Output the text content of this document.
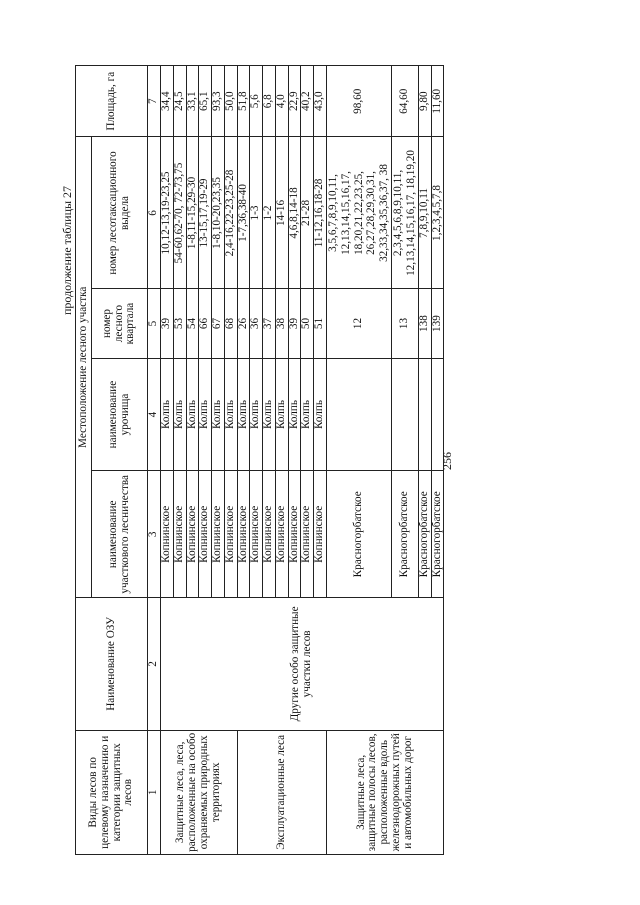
256
продолжение таблицы 27
Виды лесов по целевому назначению и категории защитных лесов	Наименование ОЗУ	Местоположение лесного участка				Площадь, га
		наименование участкового лесничества	наименование урочища	номер лесного квартала	номер лесотаксационного выдела	
1	2	3	4	5	6	7
Защитные леса, леса, расположенные на особо охраняемых природных территориях	Другие особо защитные участки лесов	Копнинское	Колпь	39	10,12-13,19-23,25	34,4
		Копнинское	Колпь	53	54-60,62-70, 72-73,75	24,5
		Копнинское	Колпь	54	1-8,11-15,29-30	33,1
		Копнинское	Колпь	66	13-15,17,19-29	65,1
		Копнинское	Колпь	67	1-8,10-20,23,35	93,3
		Копнинское	Колпь	68	2,4-16,22-23,25-28	50,0
Эксплуатационные леса		Копнинское	Колпь	26	1-7,36,38-40	51,8
		Копнинское	Колпь	36	1-3	5,6
		Копнинское	Колпь	37	1-2	6,8
		Копнинское	Колпь	38	14-16	4,0
		Копнинское	Колпь	39	4,6,8,14-18	22,9
		Копнинское	Колпь	50	21-28	40,2
		Копнинское	Колпь	51	11-12,16,18-28	43,0
Защитные леса, защитные полосы лесов, расположенные вдоль железнодорожных путей и автомобильных дорог		Красногорбатское		12	3,5,6,7,8,9,10,11, 12,13,14,15,16,17, 18,20,21,22,23,25, 26,27,28,29,30,31, 32,33,34,35,36,37, 38	98,60
		Красногорбатское		13	2,3,4,5,6,8,9,10,11, 12,13,14,15,16,17, 18,19,20	64,60
		Красногорбатское		138	7,8,9,10,11	9,80
		Красногорбатское		139	1,2,3,4,5,7,8	11,60
